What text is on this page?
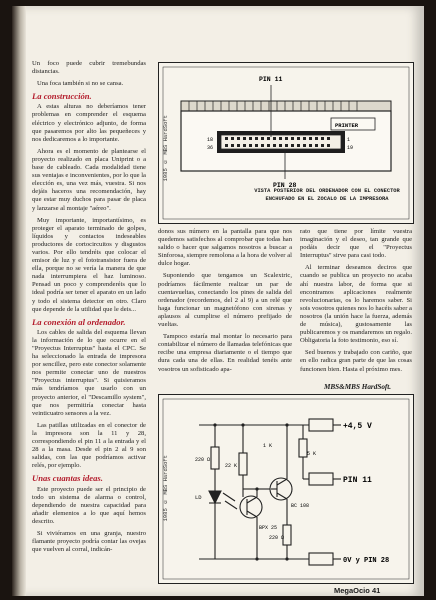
Un foco puede cubrir tremebundas distancias.

Una foca también si no se cansa.

La construcción.

A estas alturas no deberíamos tener problemas en comprender el esquema eléctrico y electrónico adjunto, de forma que pasaremos por alto las pequeñeces y nos dedicaremos a lo importante.

Ahora es el momento de plantearse el proyecto realizado en placa Uniprint o a base de cableado. Cada modalidad tiene sus ventajas e inconvenientes, por lo que la elección es, una vez más, vuestra. Si nos dejáis haceros una recomendación, hay que estar muy duchos para pasar de placa y lanzarse al montaje "aéreo".

Muy importante, importantísimo, es proteger el aparato terminado de golpes, líquidos y contactos indeseables productores de cortocircuitos y disgustos varios. Por ello tendréis que colocar el emisor de luz y el fototransistor fuera de ella, porque no se vería la manera de que nada interrumpiera el haz luminoso. Pensad un poco y comprenderéis que lo ideal podría ser tener el aparato en un lado y todo el sistema detector en otro. Claro que depende de la utilidad que le deis...

La conexión al ordenador.

Los cables de salida del esquema llevan la información de lo que ocurre en el "Proyectus Interruptus" hasta el CPC. Se ha seleccionado la entrada de impresora por sencillez, pero este conector solamente nos permite conectar uno de nuestros "Proyectus interruptus". Si quisieramos más tendríamos que usarlo con un proyecto anterior, el "Descamillo system", que nos permitiría conectar hasta veinticuatro sensores a la vez.

Las patillas utilizadas en el conector de la impresora son la 11 y 28, correspondiendo el pin 11 a la entrada y el 28 a la masa. Desde el pin 2 al 9 son salidas, con las que podríamos activar relés, por ejemplo.

Unas cuantas ideas.

Este proyecto puede ser el principio de todo un sistema de alarma o control, dependiendo de nuestra capacidad para añadir elementos a lo que aquí hemos descrito.

Si viviéramos en una granja, nuestro flamante proyecto podría contar las ovejas que vuelven al corral, indicán-

PIN 11
PIN 28
PRINTER
18
36
1
19
VISTA POSTERIOR DEL ORDENADOR CON EL CONECTOR
ENCHUFADO EN EL ZOCALO DE LA IMPRESORA
1985 © MBS HardSoft

donos sus número en la pantalla para que nos quedemos satisfechos al comprobar que todas han salido o hacer que salgamos nosotros a buscar a Sinforosa, siempre remolona a la hora de volver al dulce hogar.

Suponiendo que tengamos un Scalextric, podríamos fácilmente realizar un par de cuentavueltas, conectando los pines de salida del ordenador (recordemos, del 2 al 9) a un relé que haga funcionar un magnetófono con sirenas y aplausos al cumplirse el número prefijado de vueltas.

Tampoco estaría mal montar lo necesario para contabilizar el número de llamadas telefónicas que recibe una empresa diariamente o el tiempo que dura cada una de ellas. En realidad tenéis ante vosotros un sofisticado apa-

rato que tiene por límite vuestra imaginación y el deseo, tan grande que podáis decir que el "Proyectus Interruptus" sirve para casi todo.

Al terminar deseamos deciros que cuando se publica un proyecto no acaba ahí nuestra labor, de forma que si encontramos aplicaciones realmente revolucionarias, os lo haremos saber. Si sois vosotros quienes nos lo hacéis saber a nosotros (la unión hace la fuerza, además de música), gustosamente las publicaremos y os mandaremos un regalo. Obligatoria la foto testimonio, eso sí.

Sed buenos y trabajado con cariño, que en ello radica gran parte de que las cosas funcionen bien. Hasta el próximo mes.

MBS&MBS HardSoft.
+4,5 V
PIN 11
0V y PIN 28
LD
BPX 25
BC 108
220 Ω
22 K
1 K
220 Ω
5 K
1985 © MBS HardSoft
MegaOcio 41
